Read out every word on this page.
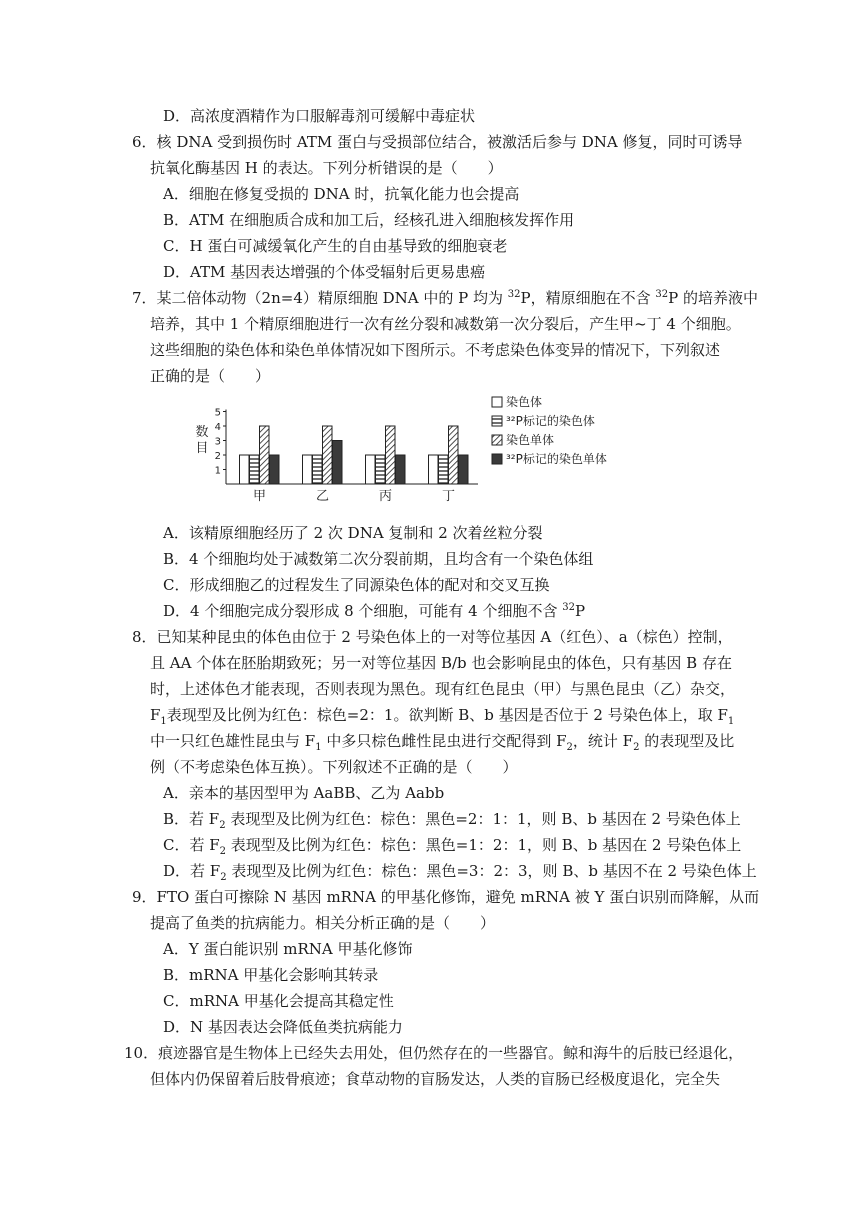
D．高浓度酒精作为口服解毒剂可缓解中毒症状
6．核 DNA 受到损伤时 ATM 蛋白与受损部位结合，被激活后参与 DNA 修复，同时可诱导
抗氧化酶基因 H 的表达。下列分析错误的是（　　）
A．细胞在修复受损的 DNA 时，抗氧化能力也会提高
B．ATM 在细胞质合成和加工后，经核孔进入细胞核发挥作用
C．H 蛋白可减缓氧化产生的自由基导致的细胞衰老
D．ATM 基因表达增强的个体受辐射后更易患癌
7．某二倍体动物（2n=4）精原细胞 DNA 中的 P 均为 $^{32}$P，精原细胞在不含 $^{32}$P 的培养液中
培养，其中 1 个精原细胞进行一次有丝分裂和减数第一次分裂后，产生甲~丁 4 个细胞。
这些细胞的染色体和染色单体情况如下图所示。不考虑染色体变异的情况下，下列叙述
正确的是（　　）
1
2
3
4
5
数
目
甲	乙	丙	丁
染色体
³²P标记的染色体
染色单体
³²P标记的染色单体
A．该精原细胞经历了 2 次 DNA 复制和 2 次着丝粒分裂
B．4 个细胞均处于减数第二次分裂前期，且均含有一个染色体组
C．形成细胞乙的过程发生了同源染色体的配对和交叉互换
D．4 个细胞完成分裂形成 8 个细胞，可能有 4 个细胞不含 $^{32}$P
8．已知某种昆虫的体色由位于 2 号染色体上的一对等位基因 A（红色）、a（棕色）控制，
且 AA 个体在胚胎期致死；另一对等位基因 B/b 也会影响昆虫的体色，只有基因 B 存在
时，上述体色才能表现，否则表现为黑色。现有红色昆虫（甲）与黑色昆虫（乙）杂交，
$F_1$表现型及比例为红色：棕色=2：1。欲判断 B、b 基因是否位于 2 号染色体上，取 $F_1$
中一只红色雄性昆虫与 $F_1$ 中多只棕色雌性昆虫进行交配得到 $F_2$，统计 $F_2$ 的表现型及比
例（不考虑染色体互换）。下列叙述不正确的是（　　）
A．亲本的基因型甲为 AaBB、乙为 Aabb
B．若 $F_2$ 表现型及比例为红色：棕色：黑色=2：1：1，则 B、b 基因在 2 号染色体上
C．若 $F_2$ 表现型及比例为红色：棕色：黑色=1：2：1，则 B、b 基因在 2 号染色体上
D．若 $F_2$ 表现型及比例为红色：棕色：黑色=3：2：3，则 B、b 基因不在 2 号染色体上
9．FTO 蛋白可擦除 N 基因 mRNA 的甲基化修饰，避免 mRNA 被 Y 蛋白识别而降解，从而
提高了鱼类的抗病能力。相关分析正确的是（　　）
A．Y 蛋白能识别 mRNA 甲基化修饰
B．mRNA 甲基化会影响其转录
C．mRNA 甲基化会提高其稳定性
D．N 基因表达会降低鱼类抗病能力
10．痕迹器官是生物体上已经失去用处，但仍然存在的一些器官。鲸和海牛的后肢已经退化，
但体内仍保留着后肢骨痕迹；食草动物的盲肠发达，人类的盲肠已经极度退化，完全失
